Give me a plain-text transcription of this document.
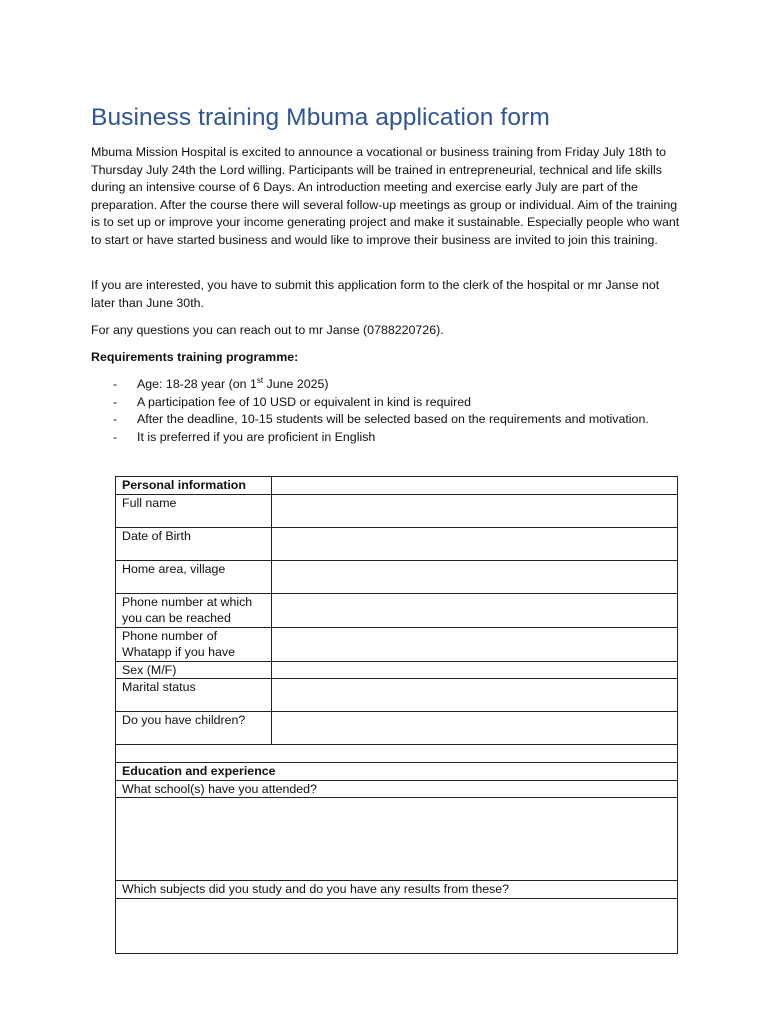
Business training Mbuma application form

Mbuma Mission Hospital is excited to announce a vocational or business training from Friday July 18th to Thursday July 24th the Lord willing. Participants will be trained in entrepreneurial, technical and life skills during an intensive course of 6 Days. An introduction meeting and exercise early July are part of the preparation. After the course there will several follow-up meetings as group or individual. Aim of the training is to set up or improve your income generating project and make it sustainable. Especially people who want to start or have started business and would like to improve their business are invited to join this training.

If you are interested, you have to submit this application form to the clerk of the hospital or mr Janse not later than June 30th.

For any questions you can reach out to mr Janse (0788220726).

Requirements training programme:

- Age: 18-28 year (on 1st June 2025)
- A participation fee of 10 USD or equivalent in kind is required
- After the deadline, 10-15 students will be selected based on the requirements and motivation.
- It is preferred if you are proficient in English
Personal information	
Full name	
Date of Birth	
Home area, village	
Phone number at which you can be reached	
Phone number of Whatapp if you have	
Sex (M/F)	
Marital status	
Do you have children?	

Education and experience	
What school(s) have you attended?	

Which subjects did you study and do you have any results from these?	
